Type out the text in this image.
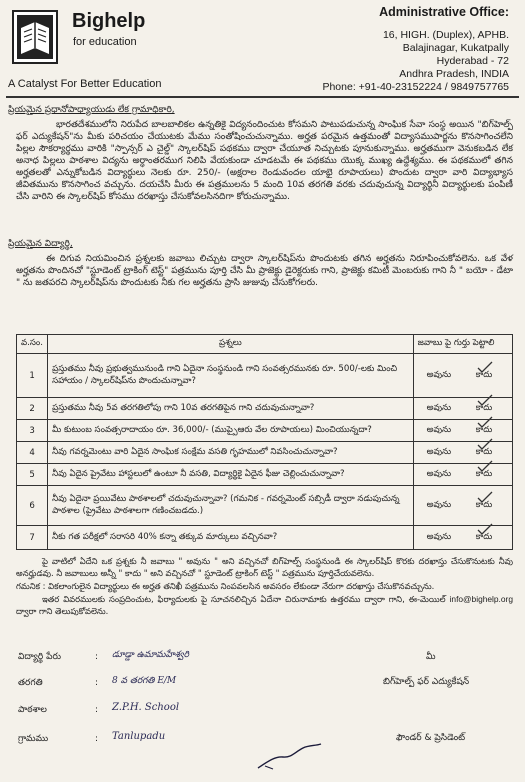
Bighelp
for education
A Catalyst For Better Education
Administrative Office:
16, HIGH. (Duplex), APHB.
Balajinagar, Kukatpally
Hyderabad - 72
Andhra Pradesh, INDIA
Phone: +91-40-23152224 / 9849757765
ప్రియమైన ప్రధానోపాధ్యాయుడు లేక గ్రామాధికారి,
భారతదేశములోని నిరుపేద బాలబాలికల ఉన్నతికై విద్యనందించుట కోసమని పాటుపడుచున్న సాంఘిక సేవా సంస్థ అయిన "బిగ్‌హెల్ప్ ఫర్ ఎద్యుకేషన్"ను మీకు పరిచయం చేయుటకు మేము సంతోషించుచున్నాము. అర్హత పరమైన ఉత్తమంతో విద్యాసముపార్జను కొనసాగించలేని పిల్లల సౌకర్యార్థము వారికి "స్పాన్సర్ ఎ చైల్డ్" స్కాలర్‌షిప్ పథకము ద్వారా చేయూత నిచ్చుటకు పూనుకున్నాము. అర్హతముగా వెనుకబడిన లేక అనాధ పిల్లలు పాఠశాల విద్యను అర్ధాంతరముగ నిలిపి వేయకుండా చూడటమే ఈ పథకము యొక్క ముఖ్య ఉద్దేశ్యము. ఈ పథకములో తగిన అర్హతలతో ఎన్నుకోబడిన విద్యార్థులు నెలకు రూ. 250/- (అక్షరాల రెండువందల యాభై రూపాయలు) పొందుట ద్వారా వారి విద్యాభ్యాస జీవితమును కొనసాగించ వచ్చును. దయచేసి మీరు ఈ పత్రములను 5 మంది 10వ తరగతి వరకు చదువుచున్న విద్యార్థినీ విద్యార్థులకు పంపిణీ చేసి వారిని ఈ స్కాలర్‌షిప్ కోసము దరఖాస్తు చేసుకోవలసినదిగా కోరుచున్నాము.
ప్రియమైన విద్యార్థి,
ఈ దిగువ నియమించిన ప్రశ్నలకు జవాబు లిచ్చుట ద్వారా స్కాలర్‌షిప్‌ను పొందుటకు తగిన అర్హతను నిరూపించుకోవలెను. ఒక వేళ అర్హతను పొందినచో "స్టూడెంట్ ట్రాకింగ్ టెస్ట్" పత్రమును పూర్తి చేసి మీ ప్రాజెక్టు డైరెక్టరుకు గాని, ప్రాజెక్టు కమిటీ మెంబరుకు గాని నీ " బయో - డేటా " ను జతపరచి స్కాలర్‌షిప్‌ను పొందుటకు నీకు గల అర్హతను ప్రాసి జుజువు చేసుకోగలరు.
వ.సం.	ప్రశ్నలు	జవాబు పై గుర్తు పెట్టాలి
1	ప్రస్తుతము నీవు ప్రభుత్వమునుండి గాని ఏదైనా సంస్థనుండి గాని సంవత్సరమునకు రూ. 500/-లకు మించి సహాయం / స్కాలర్‌షిప్‌ను పొందుచున్నావా?	అవును కాదు

2	ప్రస్తుతము నీవు 5వ తరగతిలోపు గాని 10వ తరగతిపైన గాని చదువుచున్నావా?	అవును కాదు

3	మీ కుటుంబ సంవత్సరాదాయం రూ. 36,000/- (ముప్పైఆరు వేల రూపాయలు) మించియున్నదా?	అవును కాదు

4	నీవు గవర్నమెంటు వారి ఏదైన సాంఘిక సంక్షేమ వసతి గృహములో నివసించుచున్నావా?	అవును కాదు

5	నీవు ఏదైన ప్రైవేటు హాస్టలులో ఉంటూ నీ వసతి, విద్యార్థికై ఏదైన ఫీజు చెల్లించుచున్నావా?	అవును కాదు

6	నీవు ఏదైనా ప్రయివేటు పాఠశాలలో చదువుచున్నావా? (గమనిక - గవర్నమెంట్ సబ్సిడీ ద్వారా నడుపుచున్న పాఠశాల (ప్రైవేటు పాఠశాలగా గణించబడదు.)	అవును కాదు

7	నీకు గత పరీక్షలో సరాసరి 40% కన్నా తక్కువ మార్కులు వచ్చినవా?	అవును కాదు
పై వాటిలో ఏదేని ఒక ప్రశ్నకు నీ జవాబు " అవును " అని వచ్చినచో బిగ్‌హెల్ప్ సంస్థనుండి ఈ స్కాలర్‌షిప్ కొరకు దరఖాస్తు చేసుకొనుటకు నీవు అనర్హుడవు. నీ జవాబులు అన్నీ " కాదు " అని వచ్చినచో " స్టూడెంట్ ట్రాకింగ్ టెస్ట్ " పత్రమును పూర్తిచేయవలెను.
గమనిక : వికలాంగులైన విద్యార్థులు ఈ అర్హత తనిఖీ పత్రమును నింపవలసిన అవసరం లేకుండా నేరుగా దరఖాస్తు చేసుకొనవచ్చును.
ఇతర వివరములకు సంప్రదించుట, ఫిర్యాదులకు పై సూచనలిచ్చిన ఏదేనా చిరునామాకు ఉత్తరము ద్వారా గాని, ఈ-మెయిల్ info@bighelp.org ద్వారా గాని తెలుపుకోవలెను.
విద్యార్థి పేరు	: డూడ్డా ఉమామహేశ్వరి
తరగతి	: 8 వ తరగతి E/M
పాఠశాల	: Z.P.H. School
గ్రామము	: Tanlupadu
మీ
బిగ్‌హెల్ప్ ఫర్ ఎద్యుకేషన్
ఫౌండర్ & ప్రెసిడెంట్
